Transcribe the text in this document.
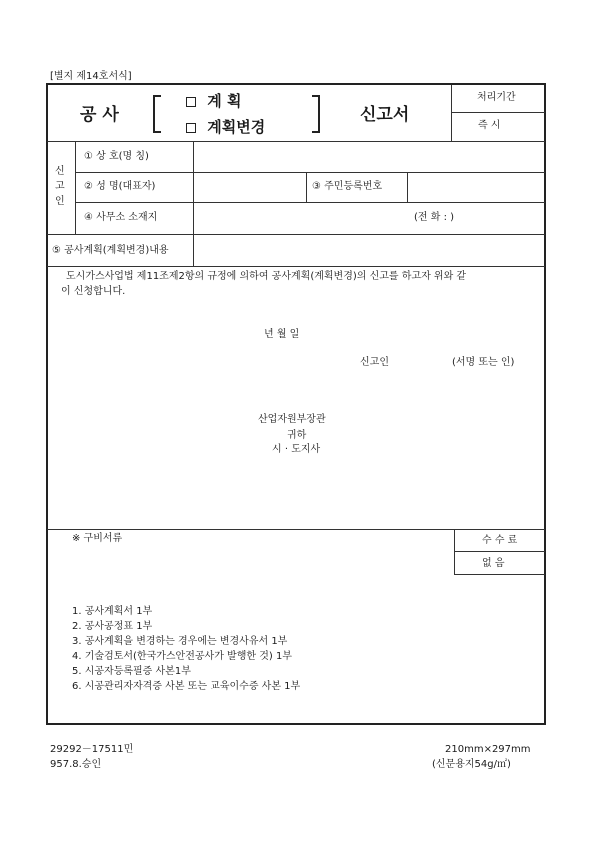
[별지 제14호서식]
공 사
계 획
계획변경
신고서
처리기간
즉 시
신
고
인
① 상 호(명 칭)
② 성 명(대표자)	③ 주민등록번호
④ 사무소 소재지	(전 화 : )
⑤ 공사계획(계획변경)내용
도시가스사업법 제11조제2항의 규정에 의하여 공사계획(계획변경)의 신고를 하고자 위와 같
이 신청합니다.
년 월 일
신고인	(서명 또는 인)
산업자원부장관
귀하
시 · 도지사
※ 구비서류	수 수 료
없 음
1. 공사계획서 1부
2. 공사공정표 1부
3. 공사계획을 변경하는 경우에는 변경사유서 1부
4. 기술검토서(한국가스안전공사가 발행한 것) 1부
5. 시공자등록필증 사본1부
6. 시공관리자자격증 사본 또는 교육이수증 사본 1부
29292－17511민
957.8.승인
210mm×297mm
(신문용지54g/㎡)
